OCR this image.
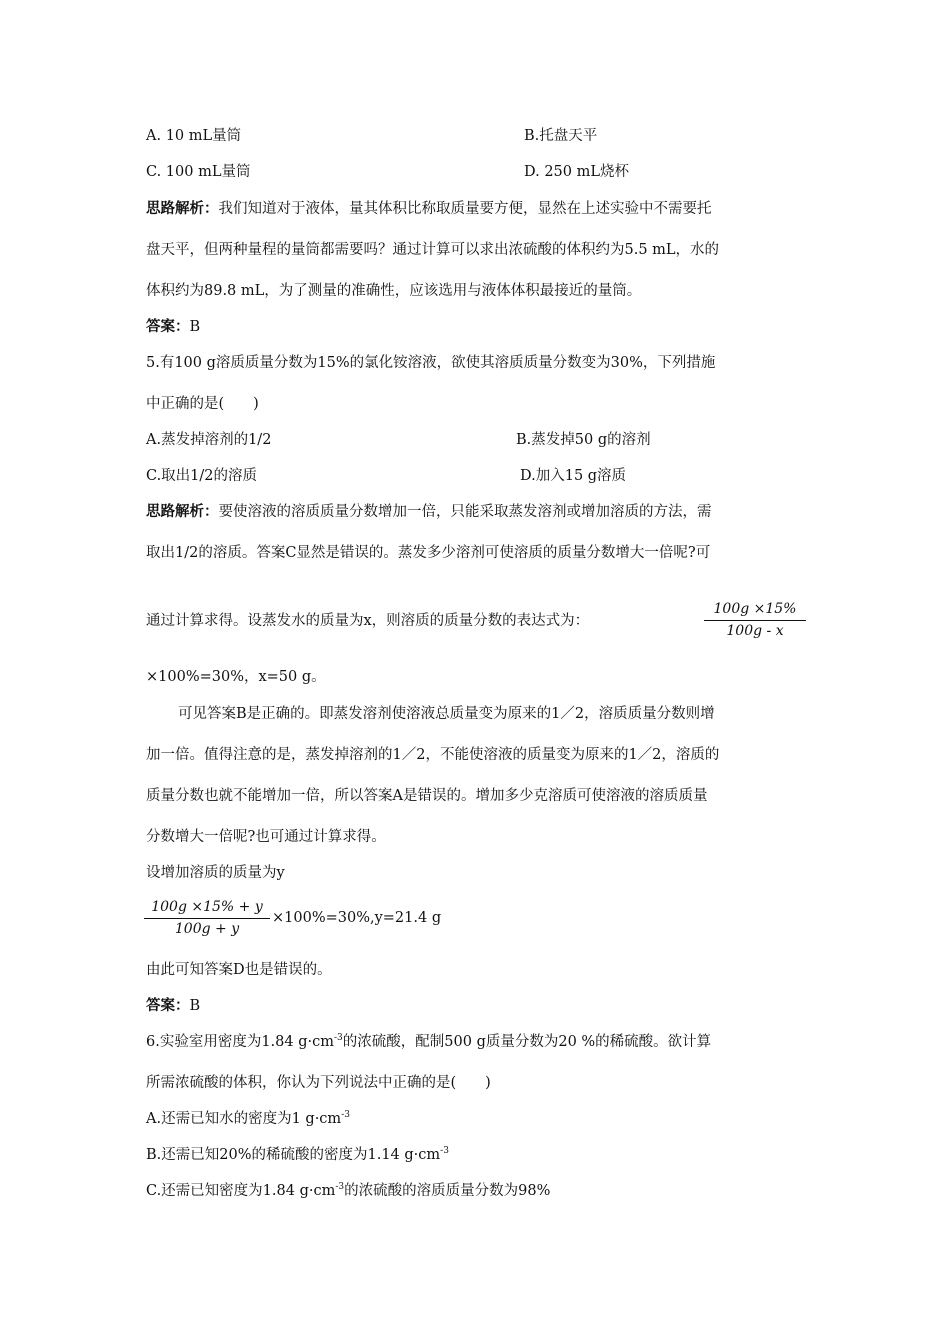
A. 10 mL量筒	B.托盘天平
C. 100 mL量筒	D. 250 mL烧杯
思路解析：我们知道对于液体，量其体积比称取质量要方便，显然在上述实验中不需要托
盘天平，但两种量程的量筒都需要吗？通过计算可以求出浓硫酸的体积约为5.5 mL，水的
体积约为89.8 mL，为了测量的准确性，应该选用与液体体积最接近的量筒。
答案：B
5.有100 g溶质质量分数为15%的氯化铵溶液，欲使其溶质质量分数变为30%，下列措施
中正确的是(　　)
A.蒸发掉溶剂的1/2	B.蒸发掉50 g的溶剂
C.取出1/2的溶质	D.加入15 g溶质
思路解析：要使溶液的溶质质量分数增加一倍，只能采取蒸发溶剂或增加溶质的方法，需
取出1/2的溶质。答案C显然是错误的。蒸发多少溶剂可使溶质的质量分数增大一倍呢?可
通过计算求得。设蒸发水的质量为x，则溶质的质量分数的表达式为：
100g ×15%
100g - x
×100%=30%，x=50 g。
可见答案B是正确的。即蒸发溶剂使溶液总质量变为原来的1／2，溶质质量分数则增
加一倍。值得注意的是，蒸发掉溶剂的1／2，不能使溶液的质量变为原来的1／2，溶质的
质量分数也就不能增加一倍，所以答案A是错误的。增加多少克溶质可使溶液的溶质质量
分数增大一倍呢?也可通过计算求得。
设增加溶质的质量为y
100g ×15% + y
100g + y
×100%=30%,y=21.4 g
由此可知答案D也是错误的。
答案：B
6.实验室用密度为1.84 $g\cdot cm^{-3}$的浓硫酸，配制500 g质量分数为20 %的稀硫酸。欲计算
所需浓硫酸的体积，你认为下列说法中正确的是(　　)
A.还需已知水的密度为1 $g\cdot cm^{-3}$
B.还需已知20%的稀硫酸的密度为1.14 $g\cdot cm^{-3}$
C.还需已知密度为1.84 $g\cdot cm^{-3}$的浓硫酸的溶质质量分数为98%
